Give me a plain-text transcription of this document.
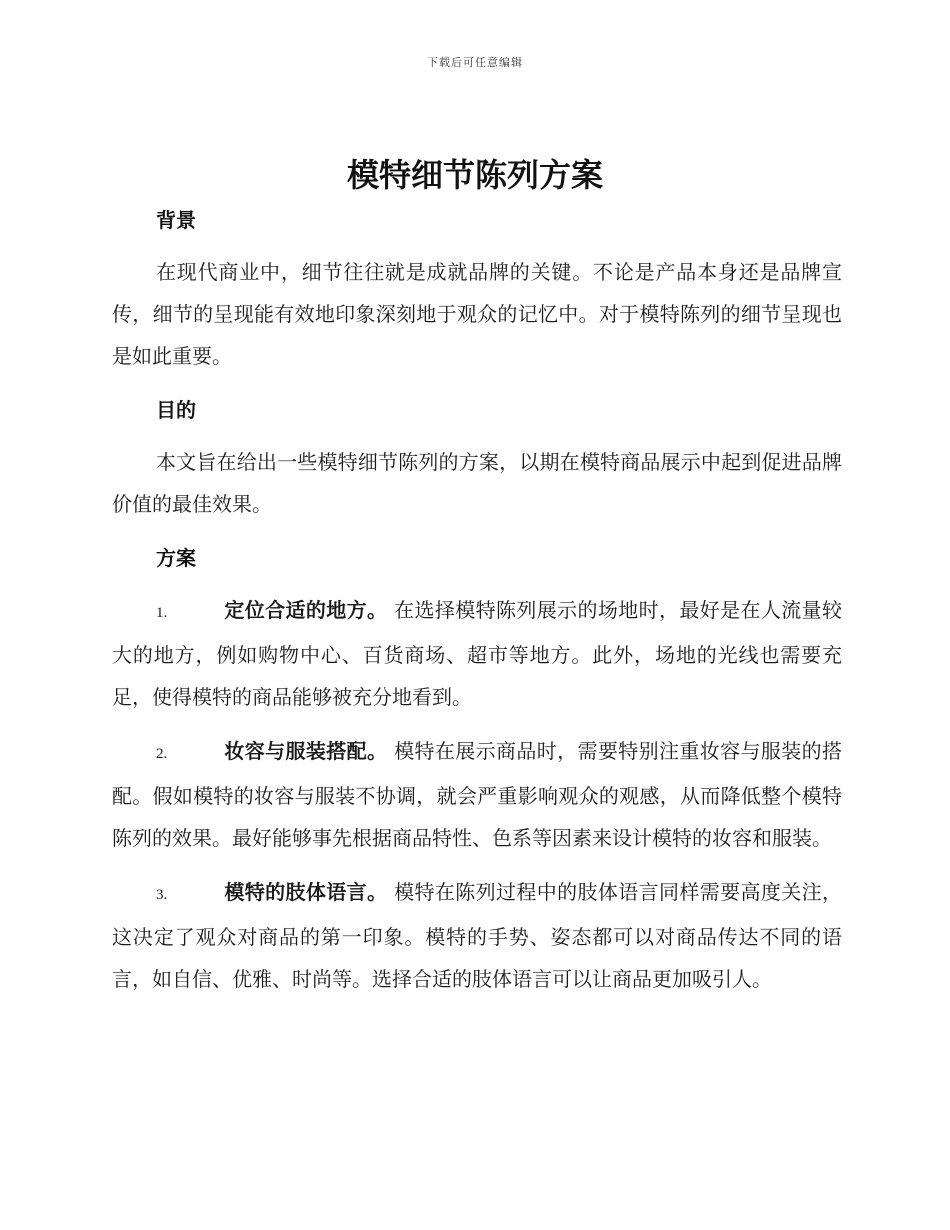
下载后可任意编辑
模特细节陈列方案

背景

在现代商业中，细节往往就是成就品牌的关键。不论是产品本身还是品牌宣传，细节的呈现能有效地印象深刻地于观众的记忆中。对于模特陈列的细节呈现也是如此重要。

目的

本文旨在给出一些模特细节陈列的方案，以期在模特商品展示中起到促进品牌价值的最佳效果。

方案

1.	定位合适的地方。 在选择模特陈列展示的场地时，最好是在人流量较大的地方，例如购物中心、百货商场、超市等地方。此外，场地的光线也需要充足，使得模特的商品能够被充分地看到。

2.	妆容与服装搭配。 模特在展示商品时，需要特别注重妆容与服装的搭配。假如模特的妆容与服装不协调，就会严重影响观众的观感，从而降低整个模特陈列的效果。最好能够事先根据商品特性、色系等因素来设计模特的妆容和服装。

3.	模特的肢体语言。 模特在陈列过程中的肢体语言同样需要高度关注，这决定了观众对商品的第一印象。模特的手势、姿态都可以对商品传达不同的语言，如自信、优雅、时尚等。选择合适的肢体语言可以让商品更加吸引人。
